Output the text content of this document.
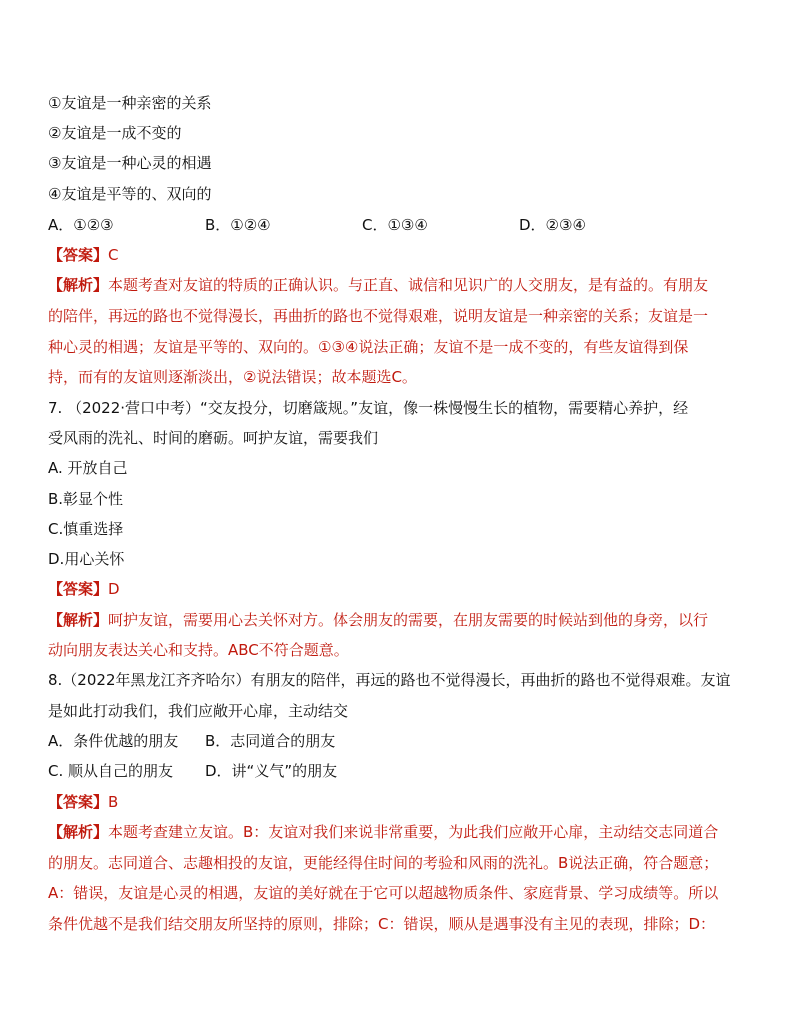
①友谊是一种亲密的关系
②友谊是一成不变的
③友谊是一种心灵的相遇
④友谊是平等的、双向的
A．①②③	B．①②④	C．①③④	D．②③④
【答案】C
【解析】本题考查对友谊的特质的正确认识。与正直、诚信和见识广的人交朋友，是有益的。有朋友
的陪伴，再远的路也不觉得漫长，再曲折的路也不觉得艰难，说明友谊是一种亲密的关系；友谊是一
种心灵的相遇；友谊是平等的、双向的。①③④说法正确；友谊不是一成不变的，有些友谊得到保
持，而有的友谊则逐渐淡出，②说法错误；故本题选C。
7. （2022·营口中考）“交友投分，切磨箴规。”友谊，像一株慢慢生长的植物，需要精心养护，经
受风雨的洗礼、时间的磨砺。呵护友谊，需要我们
A. 开放自己
B.彰显个性
C.慎重选择
D.用心关怀
【答案】D
【解析】呵护友谊，需要用心去关怀对方。体会朋友的需要，在朋友需要的时候站到他的身旁，以行
动向朋友表达关心和支持。ABC不符合题意。
8.（2022年黑龙江齐齐哈尔）有朋友的陪伴，再远的路也不觉得漫长，再曲折的路也不觉得艰难。友谊
是如此打动我们，我们应敞开心扉，主动结交
A．条件优越的朋友 B．志同道合的朋友
C. 顺从自己的朋友 D．讲“义气”的朋友
【答案】B
【解析】本题考查建立友谊。B：友谊对我们来说非常重要，为此我们应敞开心扉，主动结交志同道合
的朋友。志同道合、志趣相投的友谊，更能经得住时间的考验和风雨的洗礼。B说法正确，符合题意；
A：错误，友谊是心灵的相遇，友谊的美好就在于它可以超越物质条件、家庭背景、学习成绩等。所以
条件优越不是我们结交朋友所坚持的原则，排除；C：错误，顺从是遇事没有主见的表现，排除；D：
